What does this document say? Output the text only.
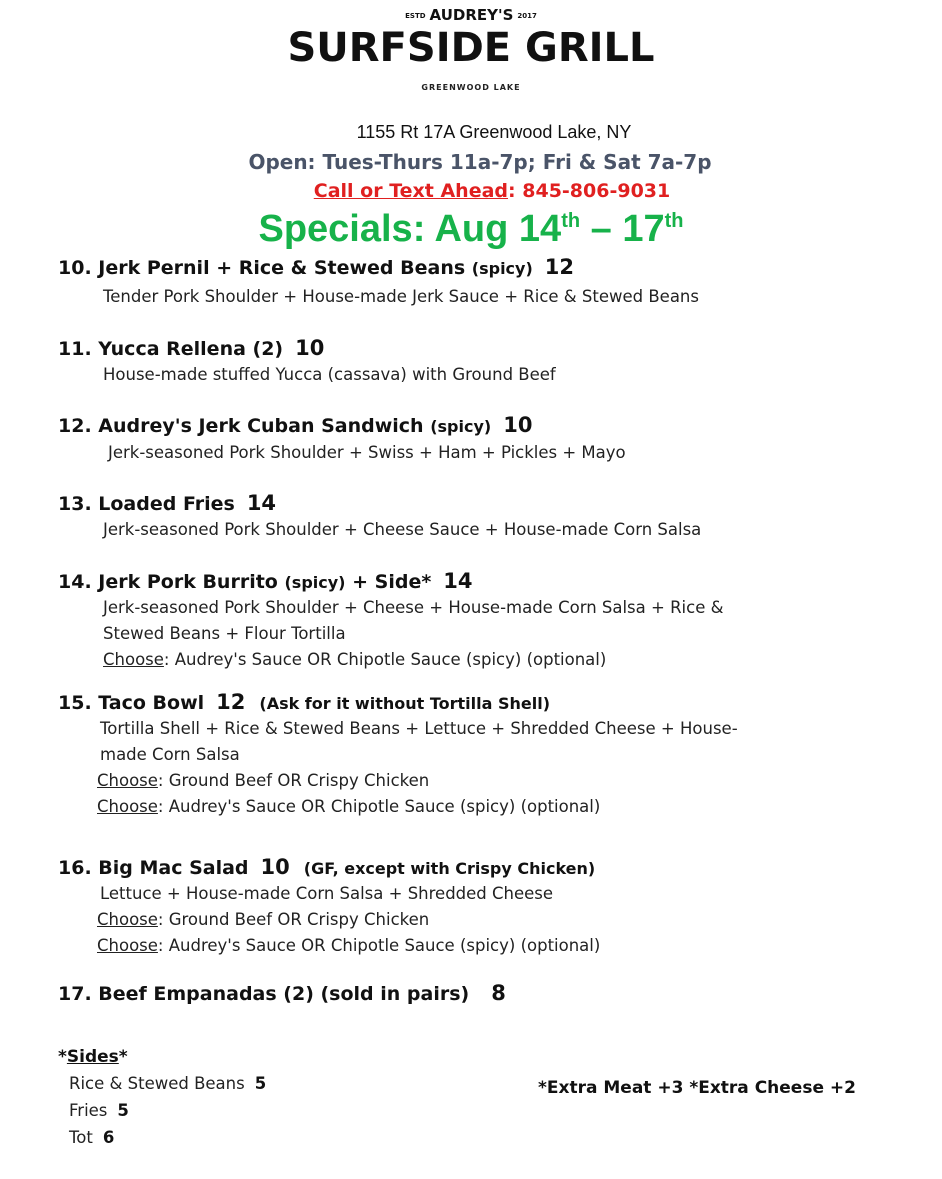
ESTD AUDREY'S 2017
SURFSIDE GRILL
GREENWOOD LAKE
1155 Rt 17A Greenwood Lake, NY
Open: Tues-Thurs 11a-7p; Fri & Sat 7a-7p
Call or Text Ahead: 845-806-9031
Specials: Aug 14th – 17th
10. Jerk Pernil + Rice & Stewed Beans (spicy) 12
Tender Pork Shoulder + House-made Jerk Sauce + Rice & Stewed Beans
11. Yucca Rellena (2) 10
House-made stuffed Yucca (cassava) with Ground Beef
12. Audrey's Jerk Cuban Sandwich (spicy) 10
Jerk-seasoned Pork Shoulder + Swiss + Ham + Pickles + Mayo
13. Loaded Fries 14
Jerk-seasoned Pork Shoulder + Cheese Sauce + House-made Corn Salsa
14. Jerk Pork Burrito (spicy) + Side* 14
Jerk-seasoned Pork Shoulder + Cheese + House-made Corn Salsa + Rice &
Stewed Beans + Flour Tortilla
Choose: Audrey's Sauce OR Chipotle Sauce (spicy) (optional)
15. Taco Bowl 12 (Ask for it without Tortilla Shell)
Tortilla Shell + Rice & Stewed Beans + Lettuce + Shredded Cheese + House-
made Corn Salsa
Choose: Ground Beef OR Crispy Chicken
Choose: Audrey's Sauce OR Chipotle Sauce (spicy) (optional)
16. Big Mac Salad 10 (GF, except with Crispy Chicken)
Lettuce + House-made Corn Salsa + Shredded Cheese
Choose: Ground Beef OR Crispy Chicken
Choose: Audrey's Sauce OR Chipotle Sauce (spicy) (optional)
17. Beef Empanadas (2) (sold in pairs) 8
*Sides*
Rice & Stewed Beans 5
Fries 5
Tot 6
*Extra Meat +3 *Extra Cheese +2
